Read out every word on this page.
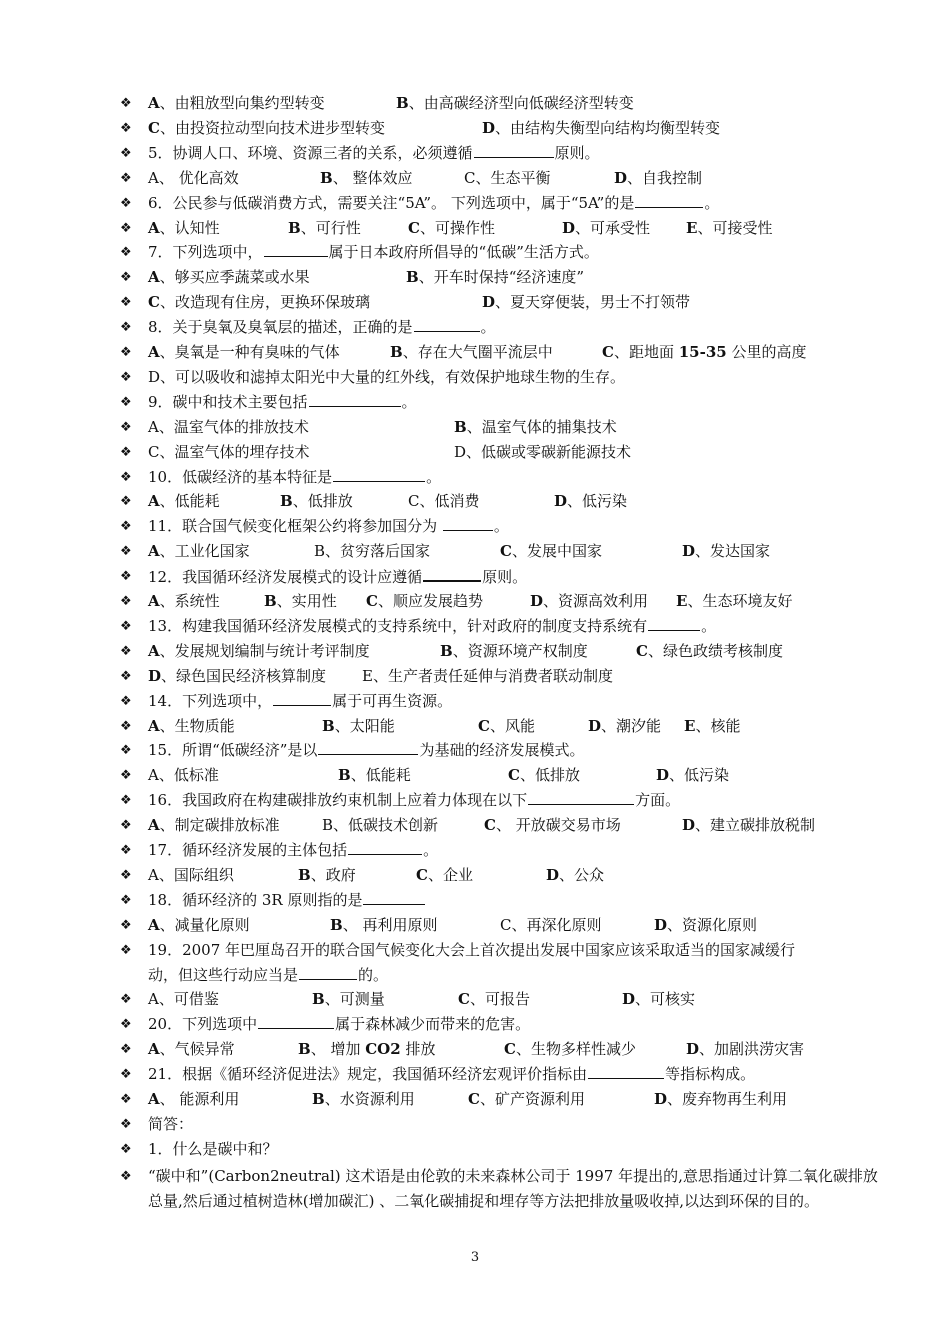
❖	A、由粗放型向集约型转变	B、由高碳经济型向低碳经济型转变
❖	C、由投资拉动型向技术进步型转变	D、由结构失衡型向结构均衡型转变
❖	5．协调人口、环境、资源三者的关系，必须遵循	原则。
❖	A、 优化高效	B、 整体效应	C、生态平衡	D、自我控制
❖	6．公民参与低碳消费方式，需要关注“5A”。 下列选项中，属于“5A”的是	。
❖	A、认知性	B、可行性	C、可操作性	D、可承受性 E、可接受性
❖	7．下列选项中，	属于日本政府所倡导的“低碳”生活方式。
❖	A、够买应季蔬菜或水果	B、开车时保持“经济速度”
❖	C、改造现有住房，更换环保玻璃	D、夏天穿便装，男士不打领带
❖	8．关于臭氧及臭氧层的描述，正确的是	。
❖	A、臭氧是一种有臭味的气体	B、存在大气圈平流层中	C、距地面 15-35 公里的高度
❖	D、可以吸收和滤掉太阳光中大量的红外线，有效保护地球生物的生存。
❖	9．碳中和技术主要包括	。
❖	A、温室气体的排放技术	B、温室气体的捕集技术
❖	C、温室气体的埋存技术	D、低碳或零碳新能源技术
❖	10．低碳经济的基本特征是	。
❖	A、低能耗	B、低排放	C、低消费	D、低污染
❖	11．联合国气候变化框架公约将参加国分为	。
❖	A、工业化国家	B、贫穷落后国家	C、发展中国家	D、发达国家
❖	12．我国循环经济发展模式的设计应遵循	原则。
❖	A、系统性	B、实用性 C、顺应发展趋势	D、资源高效利用 E、生态环境友好
❖	13．构建我国循环经济发展模式的支持系统中，针对政府的制度支持系统有	。
❖	A、发展规划编制与统计考评制度	B、资源环境产权制度	C、绿色政绩考核制度
❖	D、绿色国民经济核算制度 E、生产者责任延伸与消费者联动制度
❖	14．下列选项中，	属于可再生资源。
❖	A、生物质能	B、太阳能	C、风能	D、潮汐能 E、核能
❖	15．所谓“低碳经济”是以	为基础的经济发展模式。
❖	A、低标准	B、低能耗	C、低排放	D、低污染
❖	16．我国政府在构建碳排放约束机制上应着力体现在以下	方面。
❖	A、制定碳排放标准	B、低碳技术创新	C、 开放碳交易市场	D、建立碳排放税制
❖	17．循环经济发展的主体包括	。
❖	A、国际组织	B、政府	C、企业	D、公众
❖	18．循环经济的 3R 原则指的是
❖	A、减量化原则	B、 再利用原则	C、再深化原则	D、资源化原则
❖	19．2007 年巴厘岛召开的联合国气候变化大会上首次提出发展中国家应该采取适当的国家减缓行
动，但这些行动应当是	的。
❖	A、可借鉴	B、可测量	C、可报告	D、可核实
❖	20．下列选项中	属于森林减少而带来的危害。
❖	A、气候异常	B、 增加 CO2 排放	C、生物多样性减少	D、加剧洪涝灾害
❖	21．根据《循环经济促进法》规定，我国循环经济宏观评价指标由	等指标构成。
❖	A、 能源利用	B、水资源利用	C、矿产资源利用	D、废弃物再生利用
❖	简答：
❖	1．什么是碳中和？
❖	“碳中和”(Carbon2neutral) 这术语是由伦敦的未来森林公司于 1997 年提出的,意思指通过计算二氧化碳排放总量,然后通过植树造林(增加碳汇) 、二氧化碳捕捉和埋存等方法把排放量吸收掉,以达到环保的目的。
3
